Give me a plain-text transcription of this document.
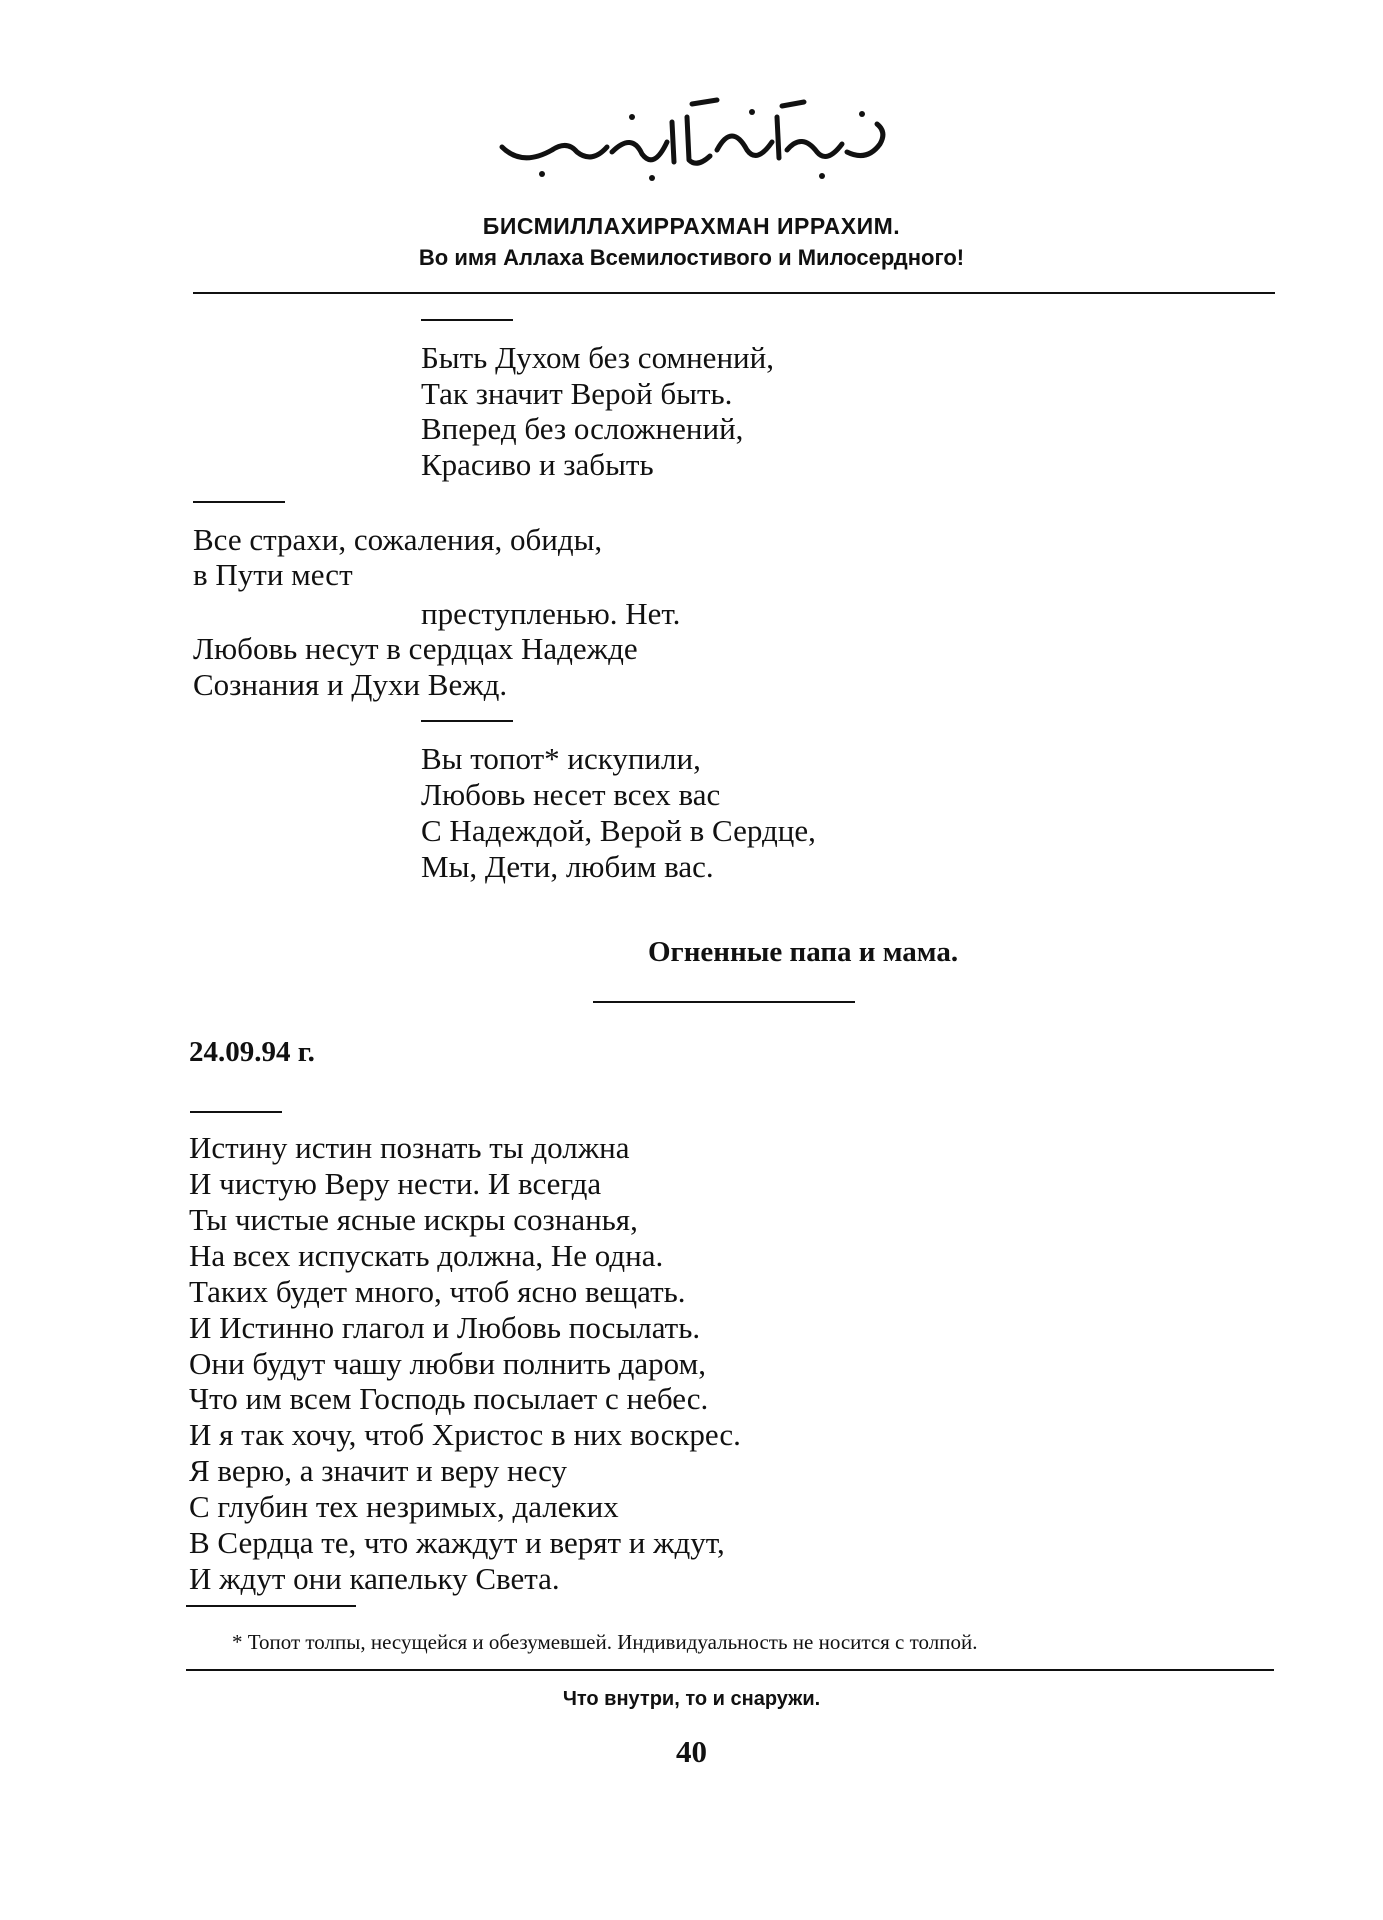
БИСМИЛЛАХИРРАХМАН ИРРАХИМ.
Во имя Аллаха Всемилостивого и Милосердного!
Быть Духом без сомнений,
Так значит Верой быть.
Вперед без осложнений,
Красиво и забыть
Все страхи, сожаления, обиды,
в Пути мест
преступленью. Нет.
Любовь несут в сердцах Надежде
Сознания и Духи Вежд.
Вы топот* искупили,
Любовь несет всех вас
С Надеждой, Верой в Сердце,
Мы, Дети, любим вас.
Огненные папа и мама.
24.09.94 г.
Истину истин познать ты должна
И чистую Веру нести. И всегда
Ты чистые ясные искры сознанья,
На всех испускать должна, Не одна.
Таких будет много, чтоб ясно вещать.
И Истинно глагол и Любовь посылать.
Они будут чашу любви полнить даром,
Что им всем Господь посылает с небес.
И я так хочу, чтоб Христос в них воскрес.
Я верю, а значит и веру несу
С глубин тех незримых, далеких
В Сердца те, что жаждут и верят и ждут,
И ждут они капельку Света.
* Топот толпы, несущейся и обезумевшей. Индивидуальность не носится с толпой.
Что внутри, то и снаружи.
40
